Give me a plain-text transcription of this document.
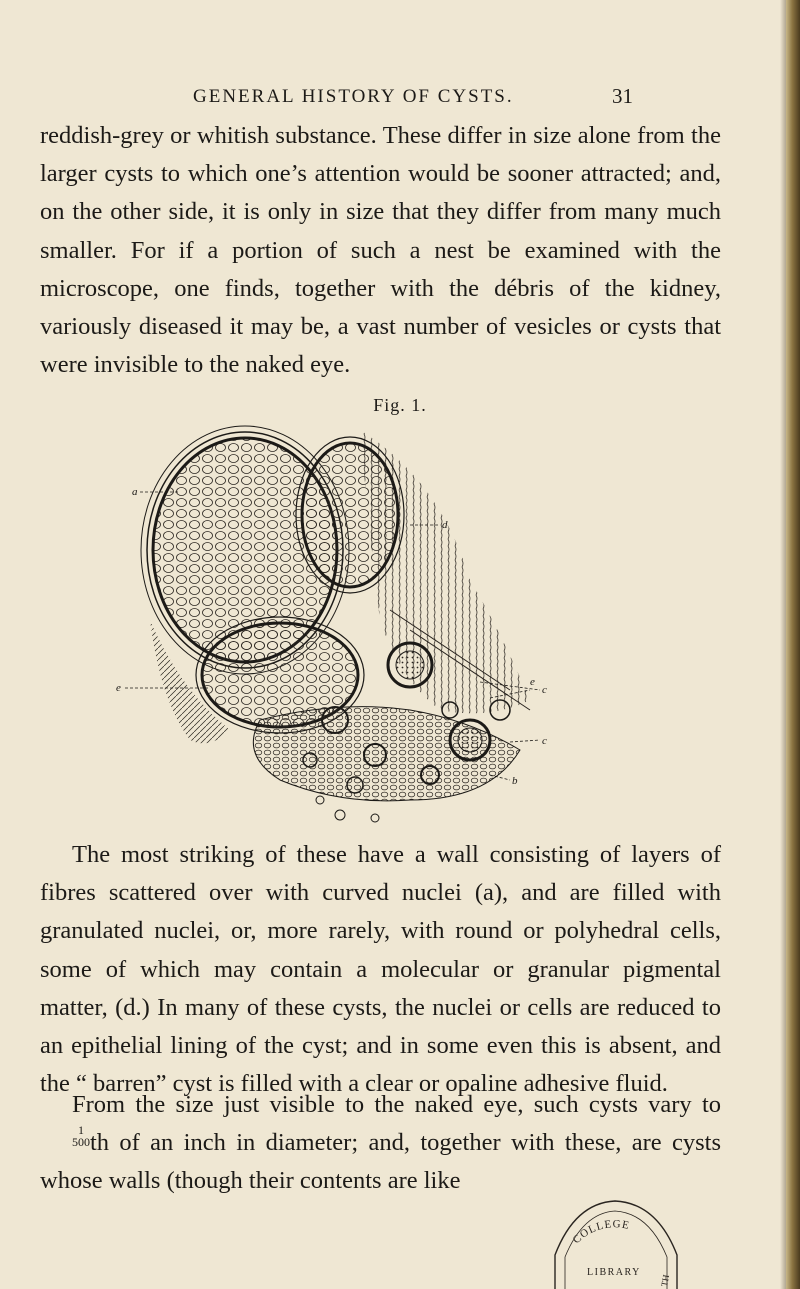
GENERAL HISTORY OF CYSTS.	31

reddish-grey or whitish substance. These differ in size alone from the larger cysts to which one’s attention would be sooner attracted; and, on the other side, it is only in size that they differ from many much smaller. For if a portion of such a nest be examined with the microscope, one finds, together with the débris of the kidney, variously diseased it may be, a vast number of vesicles or cysts that were invisible to the naked eye.

Fig. 1.
a
d
e	c
c
b
e

The most striking of these have a wall consisting of layers of fibres scattered over with curved nuclei (a), and are filled with granulated nuclei, or, more rarely, with round or polyhedral cells, some of which may contain a molecular or granular pigmental matter, (d.) In many of these cysts, the nuclei or cells are reduced to an epithelial lining of the cyst; and in some even this is absent, and the “ barren” cyst is filled with a clear or opaline adhesive fluid.

From the size just visible to the naked eye, such cysts vary to
1
500 th of an inch in diameter; and, together with these, are cysts whose walls (though their contents are like

COLLEGE
LIBRARY
TH
